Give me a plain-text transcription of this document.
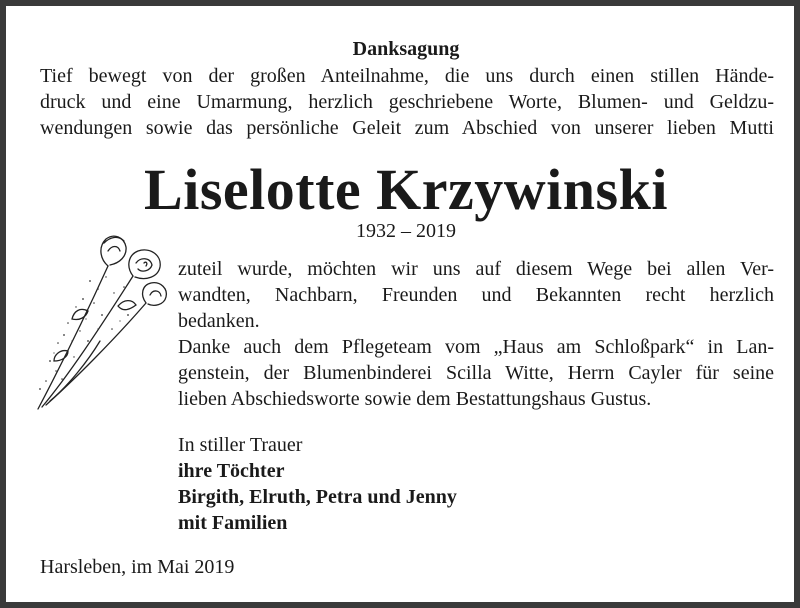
Danksagung
Tief bewegt von der großen Anteilnahme, die uns durch einen stillen Hände-
druck und eine Umarmung, herzlich geschriebene Worte, Blumen- und Geldzu-
wendungen sowie das persönliche Geleit zum Abschied von unserer lieben Mutti
Liselotte Krzywinski
1932 – 2019
zuteil wurde, möchten wir uns auf diesem Wege bei allen Ver-
wandten, Nachbarn, Freunden und Bekannten recht herzlich
bedanken.
Danke auch dem Pflegeteam vom „Haus am Schloßpark“ in Lan-
genstein, der Blumenbinderei Scilla Witte, Herrn Cayler für seine
lieben Abschiedsworte sowie dem Bestattungshaus Gustus.
In stiller Trauer
ihre Töchter
Birgith, Elruth, Petra und Jenny
mit Familien
Harsleben, im Mai 2019
